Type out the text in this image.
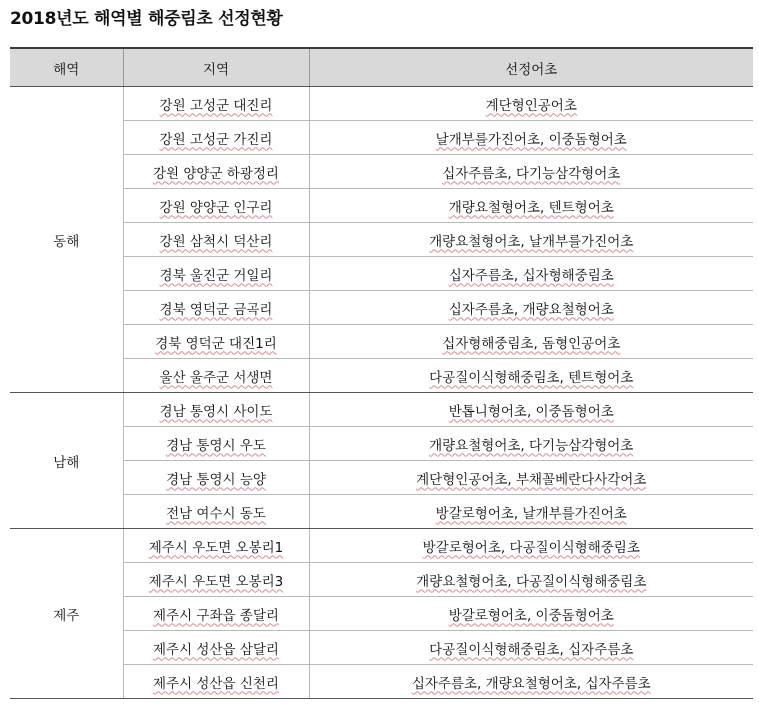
2018년도 해역별 해중림초 선정현황
해역	지역	선정어초
동해	강원 고성군 대진리	계단형인공어초
	강원 고성군 가진리	날개부를가진어초, 이중돔형어초
	강원 양양군 하광정리	십자주름초, 다기능삼각형어초
	강원 양양군 인구리	개량요철형어초, 텐트형어초
	강원 삼척시 덕산리	개량요철형어초, 날개부를가진어초
	경북 울진군 거일리	십자주름초, 십자형해중림초
	경북 영덕군 금곡리	십자주름초, 개량요철형어초
	경북 영덕군 대진1리	십자형해중림초, 돔형인공어초
	울산 울주군 서생면	다공질이식형해중림초, 텐트형어초
남해	경남 통영시 사이도	반톱니형어초, 이중돔형어초
	경남 통영시 우도	개량요철형어초, 다기능삼각형어초
	경남 통영시 능양	계단형인공어초, 부채꼴베란다사각어초
	전남 여수시 동도	방갈로형어초, 날개부를가진어초
제주	제주시 우도면 오봉리1	방갈로형어초, 다공질이식형해중림초
	제주시 우도면 오봉리3	개량요철형어초, 다공질이식형해중림초
	제주시 구좌읍 종달리	방갈로형어초, 이중돔형어초
	제주시 성산읍 삼달리	다공질이식형해중림초, 십자주름초
	제주시 성산읍 신천리	십자주름초, 개량요철형어초, 십자주름초
